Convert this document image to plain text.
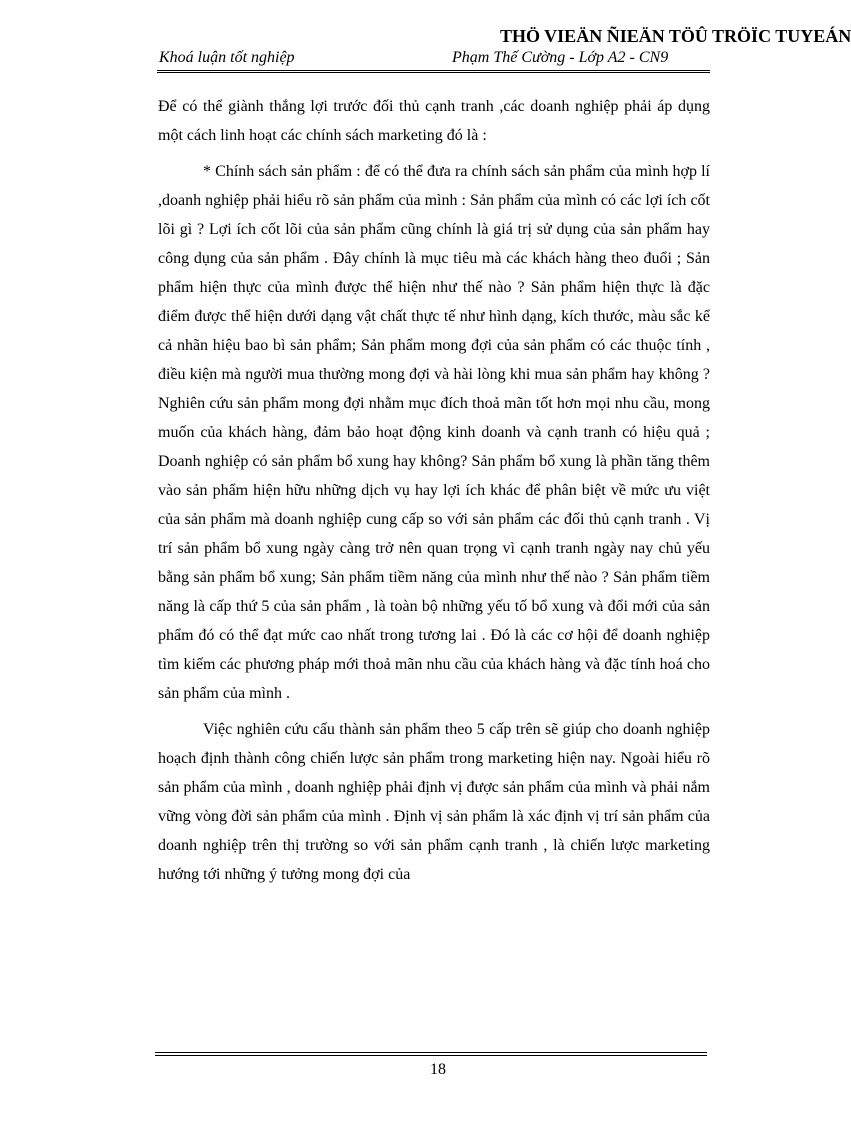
THÖ VIEÄN ÑIEÄN TÖÛ TRÖÏC TUYEÁN
Khoá luận tốt nghiệp	Phạm Thế Cường - Lớp A2 - CN9

Để có thể giành thắng lợi trước đối thủ cạnh tranh ,các doanh nghiệp phải áp dụng một cách linh hoạt các chính sách marketing đó là :

* Chính sách sản phẩm : để có thể đưa ra chính sách sản phẩm của mình hợp lí ,doanh nghiệp phải hiểu rõ sản phẩm của mình : Sản phẩm của mình có các lợi ích cốt lõi gì ? Lợi ích cốt lõi của sản phẩm cũng chính là giá trị sử dụng của sản phẩm hay công dụng của sản phẩm . Đây chính là mục tiêu mà các khách hàng theo đuổi ; Sản phẩm hiện thực của mình được thể hiện như thế nào ? Sản phẩm hiện thực là đặc điểm được thể hiện dưới dạng vật chất thực tế như hình dạng, kích thước, màu sắc kể cả nhãn hiệu bao bì sản phẩm; Sản phẩm mong đợi của sản phẩm có các thuộc tính , điều kiện mà người mua thường mong đợi và hài lòng khi mua sản phẩm hay không ? Nghiên cứu sản phẩm mong đợi nhằm mục đích thoả mãn tốt hơn mọi nhu cầu, mong muốn của khách hàng, đảm bảo hoạt động kinh doanh và cạnh tranh có hiệu quả ; Doanh nghiệp có sản phẩm bổ xung hay không? Sản phẩm bổ xung là phần tăng thêm vào sản phẩm hiện hữu những dịch vụ hay lợi ích khác để phân biệt về mức ưu việt của sản phẩm mà doanh nghiệp cung cấp so với sản phẩm các đối thủ cạnh tranh . Vị trí sản phẩm bổ xung ngày càng trở nên quan trọng vì cạnh tranh ngày nay chủ yếu bằng sản phẩm bổ xung; Sản phẩm tiềm năng của mình như thế nào ? Sản phẩm tiềm năng là cấp thứ 5 của sản phẩm , là toàn bộ những yếu tố bổ xung và đổi mới của sản phẩm đó có thể đạt mức cao nhất trong tương lai . Đó là các cơ hội để doanh nghiệp tìm kiếm các phương pháp mới thoả mãn nhu cầu của khách hàng và đặc tính hoá cho sản phẩm của mình .

Việc nghiên cứu cấu thành sản phẩm theo 5 cấp trên sẽ giúp cho doanh nghiệp hoạch định thành công chiến lược sản phẩm trong marketing hiện nay. Ngoài hiểu rõ sản phẩm của mình , doanh nghiệp phải định vị được sản phẩm của mình và phải nắm vững vòng đời sản phẩm của mình . Định vị sản phẩm là xác định vị trí sản phẩm của doanh nghiệp trên thị trường so với sản phẩm cạnh tranh , là chiến lược marketing hướng tới những ý tưởng mong đợi của

18
